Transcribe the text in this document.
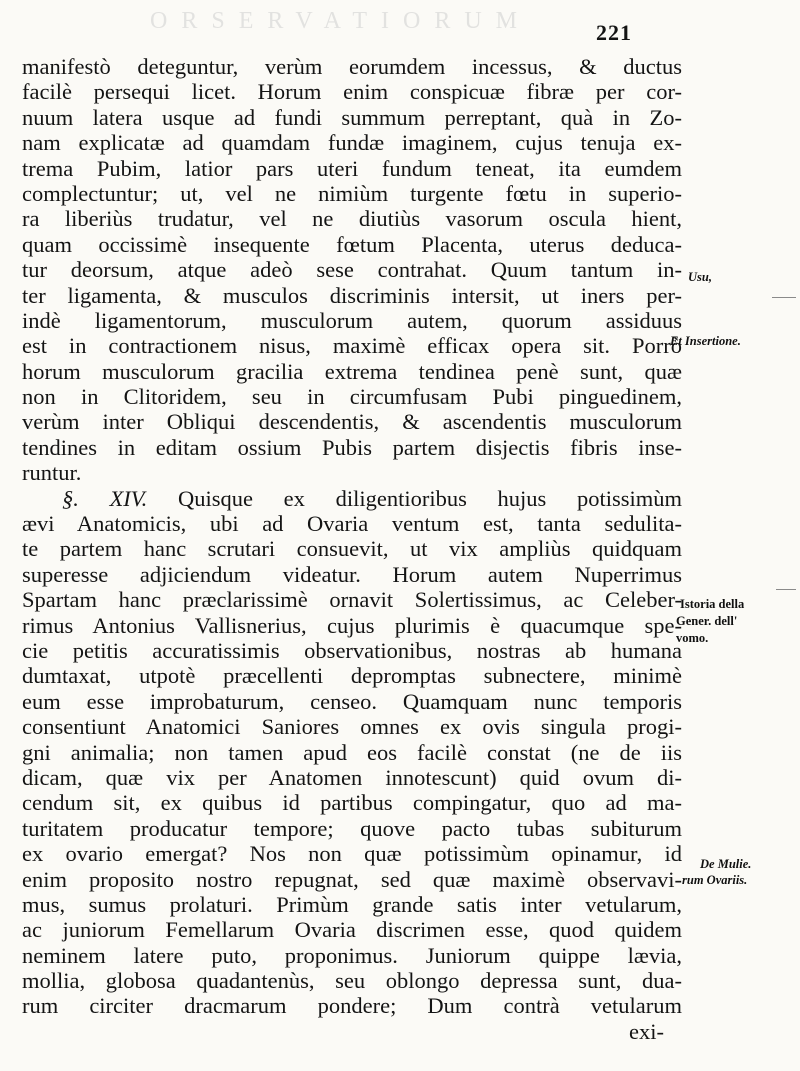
ORSERVATIORUM	221
manifestò deteguntur, verùm eorumdem incessus, & ductus
facilè persequi licet. Horum enim conspicuæ fibræ per cor-
nuum latera usque ad fundi summum perreptant, quà in Zo-
nam explicatæ ad quamdam fundæ imaginem, cujus tenuja ex-
trema Pubim, latior pars uteri fundum teneat, ita eumdem
complectuntur; ut, vel ne nimiùm turgente fœtu in superio-
ra liberiùs trudatur, vel ne diutiùs vasorum oscula hient,
quam occissimè insequente fœtum Placenta, uterus deduca-
tur deorsum, atque adeò sese contrahat. Quum tantum in-
ter ligamenta, & musculos discriminis intersit, ut iners per-
indè ligamentorum, musculorum autem, quorum assiduus
est in contractionem nisus, maximè efficax opera sit. Porrò
horum musculorum gracilia extrema tendinea penè sunt, quæ
non in Clitoridem, seu in circumfusam Pubi pinguedinem,
verùm inter Obliqui descendentis, & ascendentis musculorum
tendines in editam ossium Pubis partem disjectis fibris inse-
runtur.
§. XIV. Quisque ex diligentioribus hujus potissimùm
ævi Anatomicis, ubi ad Ovaria ventum est, tanta sedulita-
te partem hanc scrutari consuevit, ut vix ampliùs quidquam
superesse adjiciendum videatur. Horum autem Nuperrimus
Spartam hanc præclarissimè ornavit Solertissimus, ac Celeber-
rimus Antonius Vallisnerius, cujus plurimis è quacumque spe-
cie petitis accuratissimis observationibus, nostras ab humana
dumtaxat, utpotè præcellenti depromptas subnectere, minimè
eum esse improbaturum, censeo. Quamquam nunc temporis
consentiunt Anatomici Saniores omnes ex ovis singula progi-
gni animalia; non tamen apud eos facilè constat (ne de iis
dicam, quæ vix per Anatomen innotescunt) quid ovum di-
cendum sit, ex quibus id partibus compingatur, quo ad ma-
turitatem producatur tempore; quove pacto tubas subiturum
ex ovario emergat? Nos non quæ potissimùm opinamur, id
enim proposito nostro repugnat, sed quæ maximè observavi-
mus, sumus prolaturi. Primùm grande satis inter vetularum,
ac juniorum Femellarum Ovaria discrimen esse, quod quidem
neminem latere puto, proponimus. Juniorum quippe lævia,
mollia, globosa quadantenùs, seu oblongo depressa sunt, dua-
rum circiter dracmarum pondere; Dum contrà vetularum
exi-
Usu,
Et Insertione.
Istoria della
Gener. dell'
vomo.
De Mulie.
rum Ovariis.
